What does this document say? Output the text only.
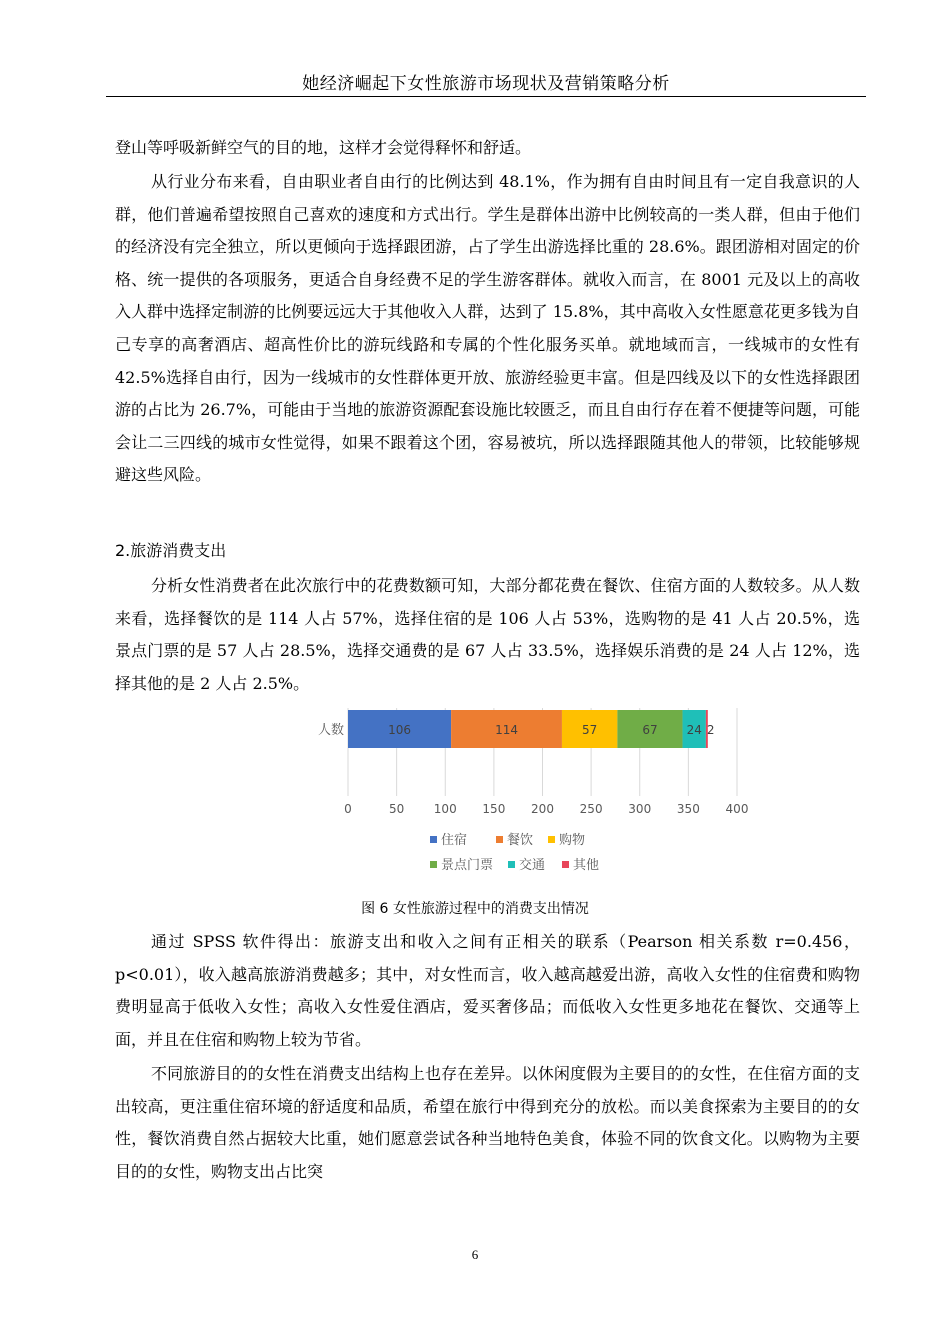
她经济崛起下女性旅游市场现状及营销策略分析

登山等呼吸新鲜空气的目的地，这样才会觉得释怀和舒适。

从行业分布来看，自由职业者自由行的比例达到 48.1%，作为拥有自由时间且有一定自我意识的人群，他们普遍希望按照自己喜欢的速度和方式出行。学生是群体出游中比例较高的一类人群，但由于他们的经济没有完全独立，所以更倾向于选择跟团游，占了学生出游选择比重的 28.6%。跟团游相对固定的价格、统一提供的各项服务，更适合自身经费不足的学生游客群体。就收入而言，在 8001 元及以上的高收入人群中选择定制游的比例要远远大于其他收入人群，达到了 15.8%，其中高收入女性愿意花更多钱为自己专享的高奢酒店、超高性价比的游玩线路和专属的个性化服务买单。就地域而言，一线城市的女性有 42.5%选择自由行，因为一线城市的女性群体更开放、旅游经验更丰富。但是四线及以下的女性选择跟团游的占比为 26.7%，可能由于当地的旅游资源配套设施比较匮乏，而且自由行存在着不便捷等问题，可能会让二三四线的城市女性觉得，如果不跟着这个团，容易被坑，所以选择跟随其他人的带领，比较能够规避这些风险。

2.旅游消费支出

分析女性消费者在此次旅行中的花费数额可知，大部分都花费在餐饮、住宿方面的人数较多。从人数来看，选择餐饮的是 114 人占 57%，选择住宿的是 106 人占 53%，选购物的是 41 人占 20.5%，选景点门票的是 57 人占 28.5%，选择交通费的是 67 人占 33.5%，选择娱乐消费的是 24 人占 12%，选择其他的是 2 人占 2.5%。

0	50 100 150 200 250 300 350 400
人数	106	114	57	67 24 2
住宿	餐饮 购物
景点门票 交通 其他
图 6 女性旅游过程中的消费支出情况

通过 SPSS 软件得出：旅游支出和收入之间有正相关的联系（Pearson 相关系数 r=0.456，p<0.01），收入越高旅游消费越多；其中，对女性而言，收入越高越爱出游，高收入女性的住宿费和购物费明显高于低收入女性；高收入女性爱住酒店，爱买奢侈品；而低收入女性更多地花在餐饮、交通等上面，并且在住宿和购物上较为节省。

不同旅游目的的女性在消费支出结构上也存在差异。以休闲度假为主要目的的女性，在住宿方面的支出较高，更注重住宿环境的舒适度和品质，希望在旅行中得到充分的放松。而以美食探索为主要目的的女性，餐饮消费自然占据较大比重，她们愿意尝试各种当地特色美食，体验不同的饮食文化。以购物为主要目的的女性，购物支出占比突

6
